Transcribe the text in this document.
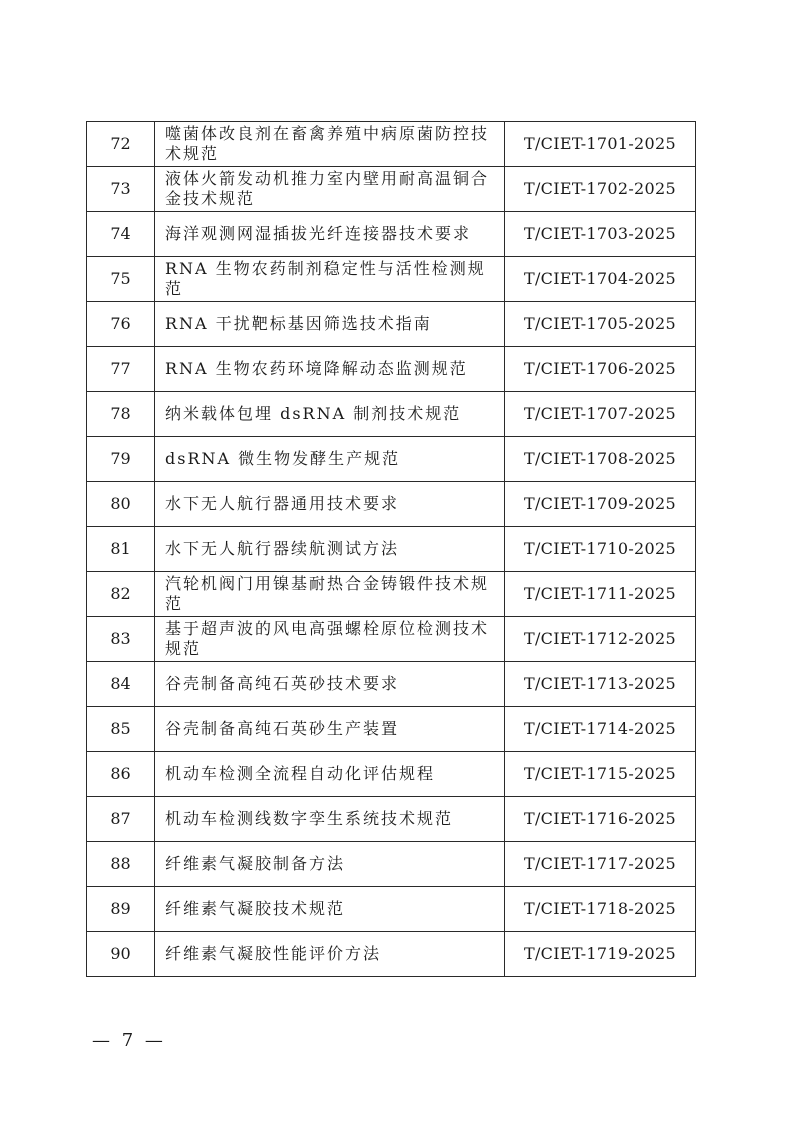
72	噬菌体改良剂在畜禽养殖中病原菌防控技术规范	T/CIET-1701-2025
73	液体火箭发动机推力室内壁用耐高温铜合金技术规范	T/CIET-1702-2025
74	海洋观测网湿插拔光纤连接器技术要求	T/CIET-1703-2025
75	RNA 生物农药制剂稳定性与活性检测规范	T/CIET-1704-2025
76	RNA 干扰靶标基因筛选技术指南	T/CIET-1705-2025
77	RNA 生物农药环境降解动态监测规范	T/CIET-1706-2025
78	纳米载体包埋 dsRNA 制剂技术规范	T/CIET-1707-2025
79	dsRNA 微生物发酵生产规范	T/CIET-1708-2025
80	水下无人航行器通用技术要求	T/CIET-1709-2025
81	水下无人航行器续航测试方法	T/CIET-1710-2025
82	汽轮机阀门用镍基耐热合金铸锻件技术规范	T/CIET-1711-2025
83	基于超声波的风电高强螺栓原位检测技术规范	T/CIET-1712-2025
84	谷壳制备高纯石英砂技术要求	T/CIET-1713-2025
85	谷壳制备高纯石英砂生产装置	T/CIET-1714-2025
86	机动车检测全流程自动化评估规程	T/CIET-1715-2025
87	机动车检测线数字孪生系统技术规范	T/CIET-1716-2025
88	纤维素气凝胶制备方法	T/CIET-1717-2025
89	纤维素气凝胶技术规范	T/CIET-1718-2025
90	纤维素气凝胶性能评价方法	T/CIET-1719-2025
— 7 —
